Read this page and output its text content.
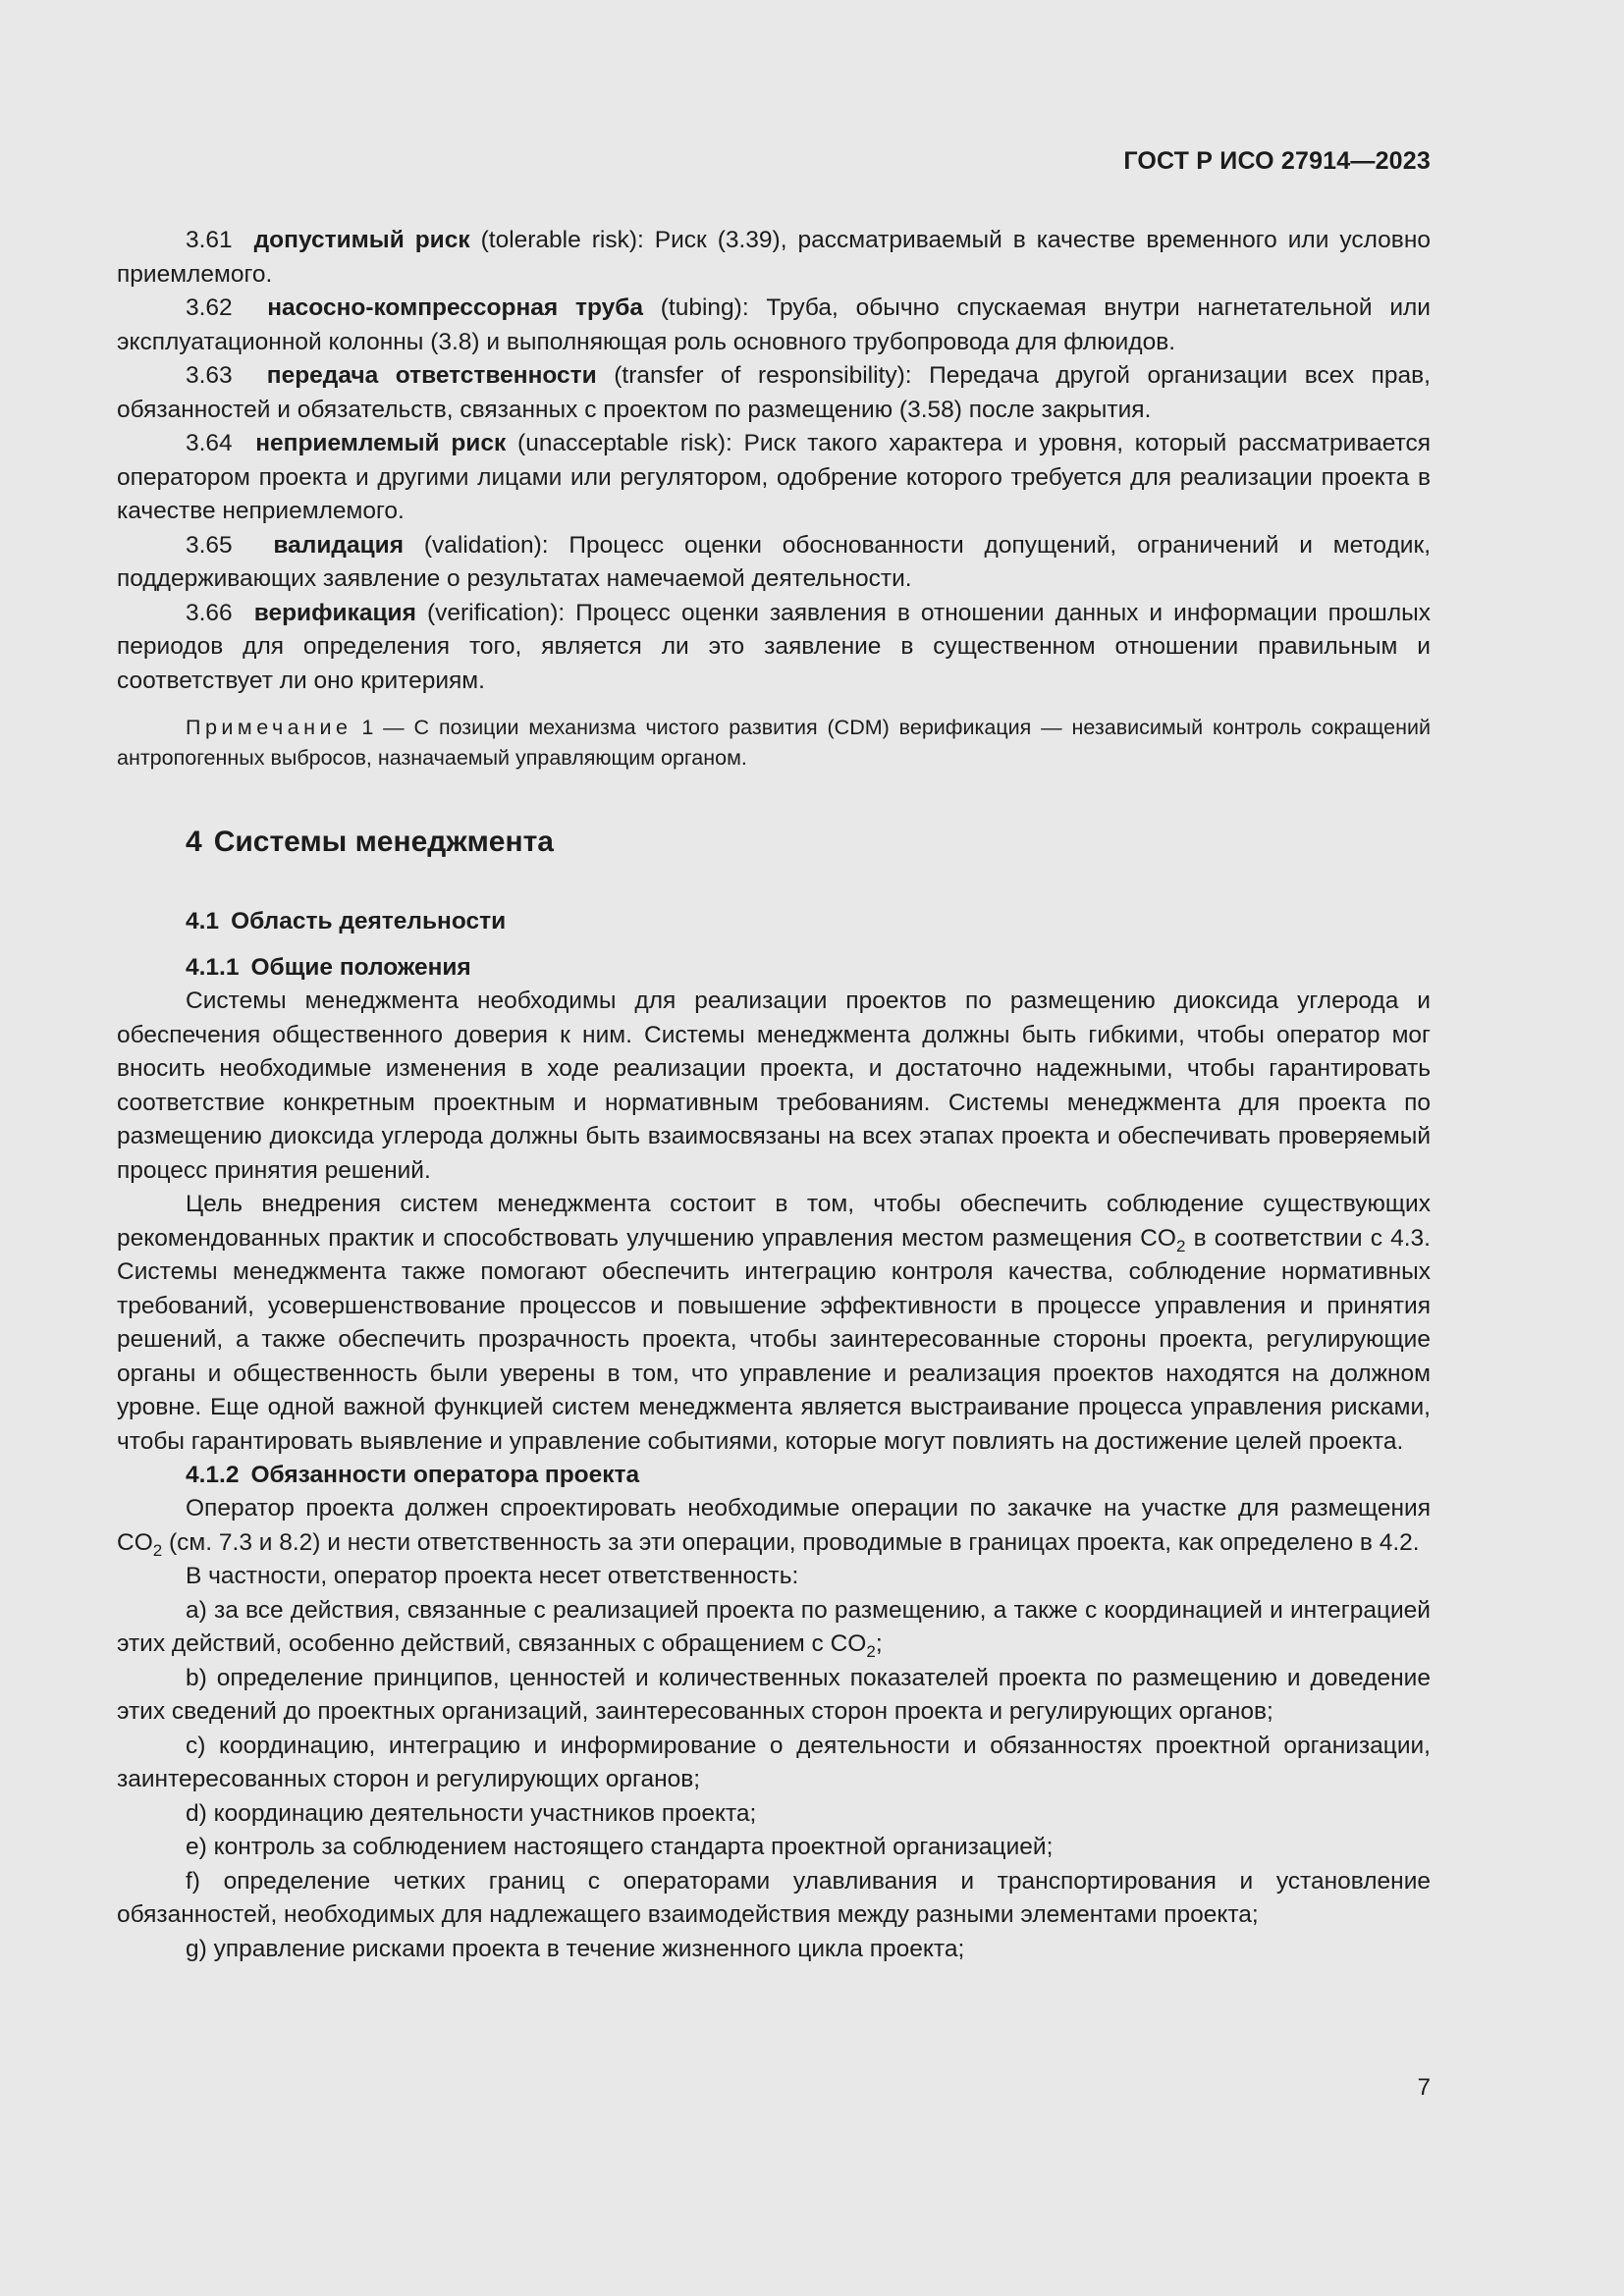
ГОСТ Р ИСО 27914—2023

3.61 допустимый риск (tolerable risk): Риск (3.39), рассматриваемый в качестве временного или условно приемлемого.

3.62 насосно-компрессорная труба (tubing): Труба, обычно спускаемая внутри нагнетательной или эксплуатационной колонны (3.8) и выполняющая роль основного трубопровода для флюидов.

3.63 передача ответственности (transfer of responsibility): Передача другой организации всех прав, обязанностей и обязательств, связанных с проектом по размещению (3.58) после закрытия.

3.64 неприемлемый риск (unacceptable risk): Риск такого характера и уровня, который рассматривается оператором проекта и другими лицами или регулятором, одобрение которого требуется для реализации проекта в качестве неприемлемого.

3.65 валидация (validation): Процесс оценки обоснованности допущений, ограничений и методик, поддерживающих заявление о результатах намечаемой деятельности.

3.66 верификация (verification): Процесс оценки заявления в отношении данных и информации прошлых периодов для определения того, является ли это заявление в существенном отношении правильным и соответствует ли оно критериям.

Примечание 1 — С позиции механизма чистого развития (CDM) верификация — независимый контроль сокращений антропогенных выбросов, назначаемый управляющим органом.

4 Системы менеджмента
4.1 Область деятельности
4.1.1 Общие положения

Системы менеджмента необходимы для реализации проектов по размещению диоксида углерода и обеспечения общественного доверия к ним. Системы менеджмента должны быть гибкими, чтобы оператор мог вносить необходимые изменения в ходе реализации проекта, и достаточно надежными, чтобы гарантировать соответствие конкретным проектным и нормативным требованиям. Системы менеджмента для проекта по размещению диоксида углерода должны быть взаимосвязаны на всех этапах проекта и обеспечивать проверяемый процесс принятия решений.

Цель внедрения систем менеджмента состоит в том, чтобы обеспечить соблюдение существующих рекомендованных практик и способствовать улучшению управления местом размещения $CO_2$ в соответствии с 4.3. Системы менеджмента также помогают обеспечить интеграцию контроля качества, соблюдение нормативных требований, усовершенствование процессов и повышение эффективности в процессе управления и принятия решений, а также обеспечить прозрачность проекта, чтобы заинтересованные стороны проекта, регулирующие органы и общественность были уверены в том, что управление и реализация проектов находятся на должном уровне. Еще одной важной функцией систем менеджмента является выстраивание процесса управления рисками, чтобы гарантировать выявление и управление событиями, которые могут повлиять на достижение целей проекта.

4.1.2 Обязанности оператора проекта

Оператор проекта должен спроектировать необходимые операции по закачке на участке для размещения $CO_2$ (см. 7.3 и 8.2) и нести ответственность за эти операции, проводимые в границах проекта, как определено в 4.2.

В частности, оператор проекта несет ответственность:

a) за все действия, связанные с реализацией проекта по размещению, а также с координацией и интеграцией этих действий, особенно действий, связанных с обращением с $CO_2$;

b) определение принципов, ценностей и количественных показателей проекта по размещению и доведение этих сведений до проектных организаций, заинтересованных сторон проекта и регулирующих органов;

c) координацию, интеграцию и информирование о деятельности и обязанностях проектной организации, заинтересованных сторон и регулирующих органов;

d) координацию деятельности участников проекта;

e) контроль за соблюдением настоящего стандарта проектной организацией;

f) определение четких границ с операторами улавливания и транспортирования и установление обязанностей, необходимых для надлежащего взаимодействия между разными элементами проекта;

g) управление рисками проекта в течение жизненного цикла проекта;

7
